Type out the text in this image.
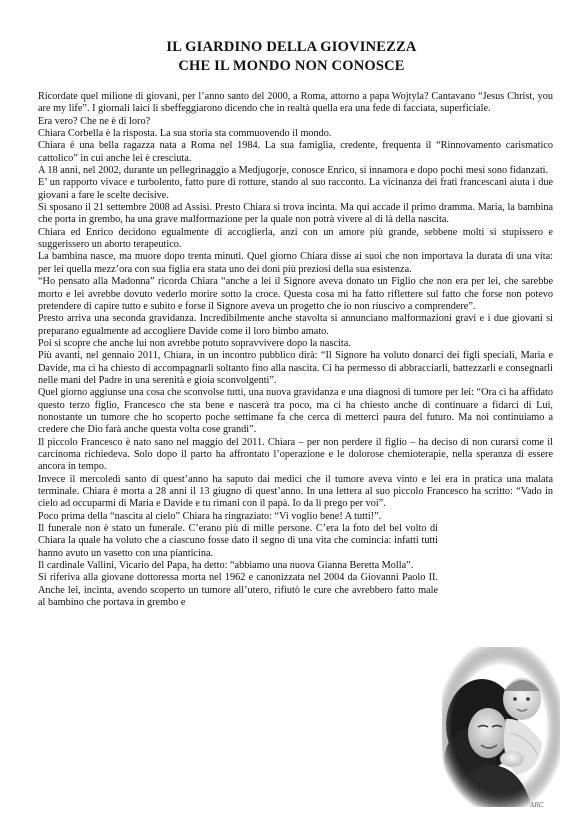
IL GIARDINO DELLA GIOVINEZZA
CHE IL MONDO NON CONOSCE

Ricordate quel milione di giovani, per l’anno santo del 2000, a Roma, attorno a papa Wojtyla? Cantavano “Jesus Christ, you are my life”. I giornali laici li sbeffeggiarono dicendo che in realtà quella era una fede di facciata, superficiale.

Era vero? Che ne è di loro?

Chiara Corbella è la risposta. La sua storia sta commuovendo il mondo.

Chiara è una bella ragazza nata a Roma nel 1984. La sua famiglia, credente, frequenta il “Rinnovamento carismatico cattolico” in cui anche lei è cresciuta.

A 18 anni, nel 2002, durante un pellegrinaggio a Medjugorje, conosce Enrico, si innamora e dopo pochi mesi sono fidanzati.

E’ un rapporto vivace e turbolento, fatto pure di rotture, stando al suo racconto. La vicinanza dei frati francescani aiuta i due giovani a fare le scelte decisive.

Si sposano il 21 settembre 2008 ad Assisi. Presto Chiara si trova incinta. Ma qui accade il primo dramma. Maria, la bambina che porta in grembo, ha una grave malformazione per la quale non potrà vivere al di là della nascita.

Chiara ed Enrico decidono egualmente di accoglierla, anzi con un amore più grande, sebbene molti si stupissero e suggerissero un aborto terapeutico.

La bambina nasce, ma muore dopo trenta minuti. Quel giorno Chiara disse ai suoi che non importava la durata di una vita: per lei quella mezz’ora con sua figlia era stata uno dei doni più preziosi della sua esistenza.

“Ho pensato alla Madonna” ricorda Chiara “anche a lei il Signore aveva donato un Figlio che non era per lei, che sarebbe morto e lei avrebbe dovuto vederlo morire sotto la croce. Questa cosa mi ha fatto riflettere sul fatto che forse non potevo pretendere di capire tutto e subito e forse il Signore aveva un progetto che io non riuscivo a comprendere”.

Presto arriva una seconda gravidanza. Incredibilmente anche stavolta si annunciano malformazioni gravi e i due giovani si preparano egualmente ad accogliere Davide come il loro bimbo amato.

Poi si scopre che anche lui non avrebbe potuto sopravvivere dopo la nascita.

Più avanti, nel gennaio 2011, Chiara, in un incontro pubblico dirà: “Il Signore ha voluto donarci dei figli speciali, Maria e Davide, ma ci ha chiesto di accompagnarli soltanto fino alla nascita. Ci ha permesso di abbracciarli, battezzarli e consegnarli nelle mani del Padre in una serenità e gioia sconvolgenti”.

Quel giorno aggiunse una cosa che sconvolse tutti, una nuova gravidanza e una diagnosi di tumore per lei: “Ora ci ha affidato questo terzo figlio, Francesco che sta bene e nascerà tra poco, ma ci ha chiesto anche di continuare a fidarci di Lui, nonostante un tumore che ho scoperto poche settimane fa che cerca di metterci paura del futuro. Ma noi continuiamo a credere che Dio farà anche questa volta cose grandi”.

Il piccolo Francesco è nato sano nel maggio del 2011. Chiara – per non perdere il figlio – ha deciso di non curarsi come il carcinoma richiedeva. Solo dopo il parto ha affrontato l’operazione e le dolorose chemioterapie, nella speranza di essere ancora in tempo.

Invece il mercoledì santo di quest’anno ha saputo dai medici che il tumore aveva vinto e lei era in pratica una malata terminale. Chiara è morta a 28 anni il 13 giugno di quest’anno. In una lettera al suo piccolo Francesco ha scritto: “Vado in cielo ad occuparmi di Maria e Davide e tu rimani con il papà. Io da lì prego per voi”.

Poco prima della “nascita al cielo” Chiara ha ringraziato: “Vi voglio bene! A tutti!”.

Il funerale non è stato un funerale. C’erano più di mille persone. C’era la foto del bel volto di Chiara la quale ha voluto che a ciascuno fosse dato il segno di una vita che comincia: infatti tutti hanno avuto un vasetto con una pianticina.

Il cardinale Vallini, Vicario del Papa, ha detto: “abbiamo una nuova Gianna Beretta Molla”.

Si riferiva alla giovane dottoressa morta nel 1962 e canonizzata nel 2004 da Giovanni Paolo II. Anche lei, incinta, avendo scoperto un tumore all’utero, rifiutò le cure che avrebbero fatto male al bambino che portava in grembo e

ARC
